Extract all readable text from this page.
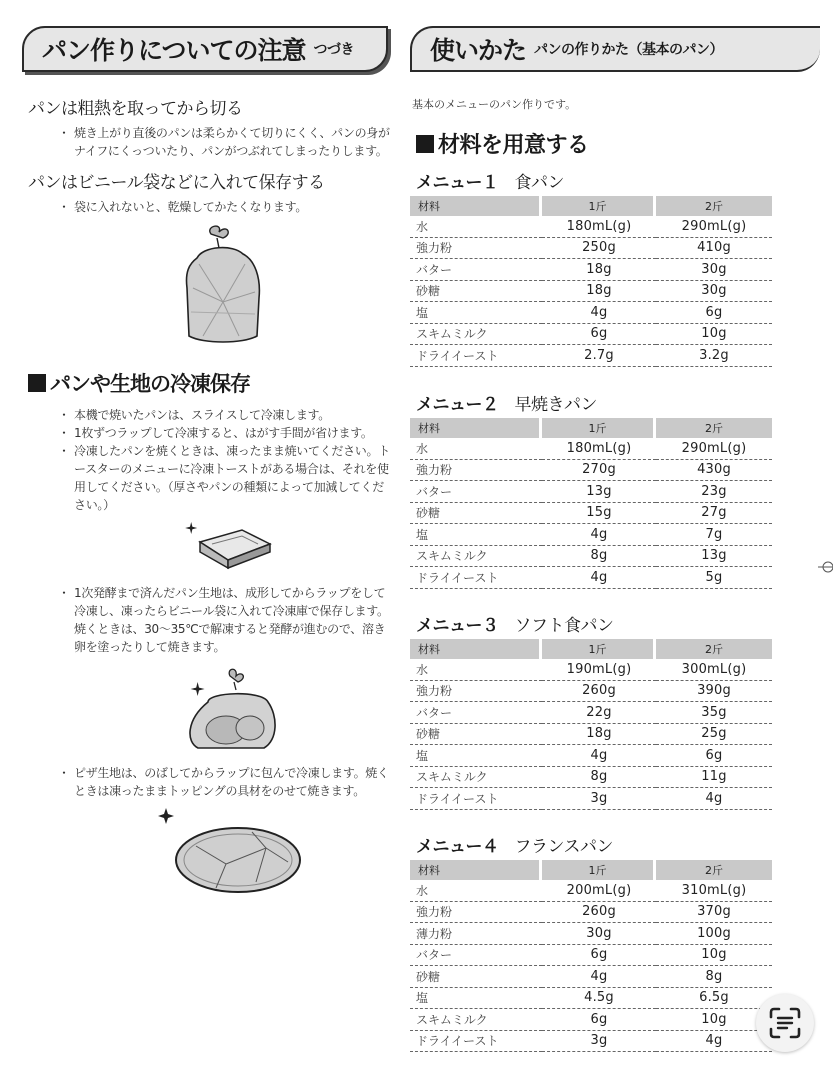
パン作りについての注意 つづき	使いかた パンの作りかた（基本のパン）
パンは粗熱を取ってから切る
・ 焼き上がり直後のパンは柔らかくて切りにくく、パンの身がナイフにくっついたり、パンがつぶれてしまったりします。
パンはビニール袋などに入れて保存する
・ 袋に入れないと、乾燥してかたくなります。
パンや生地の冷凍保存
・ 本機で焼いたパンは、スライスして冷凍します。
・ 1枚ずつラップして冷凍すると、はがす手間が省けます。
・ 冷凍したパンを焼くときは、凍ったまま焼いてください。トースターのメニューに冷凍トーストがある場合は、それを使用してください。（厚さやパンの種類によって加減してください。）
・ 1次発酵まで済んだパン生地は、成形してからラップをして冷凍し、凍ったらビニール袋に入れて冷凍庫で保存します。焼くときは、30～35℃で解凍すると発酵が進むので、溶き卵を塗ったりして焼きます。
・ ピザ生地は、のばしてからラップに包んで冷凍します。焼くときは凍ったままトッピングの具材をのせて焼きます。
基本のメニューのパン作りです。
材料を用意する
メニュー１ 食パン
材料	1斤	2斤
水	180mL(g)	290mL(g)
強力粉	250g	410g
バター	18g	30g
砂糖	18g	30g
塩	4g	6g
スキムミルク	6g	10g
ドライイースト	2.7g	3.2g
メニュー２ 早焼きパン
材料	1斤	2斤
水	180mL(g)	290mL(g)
強力粉	270g	430g
バター	13g	23g
砂糖	15g	27g
塩	4g	7g
スキムミルク	8g	13g
ドライイースト	4g	5g
メニュー３ ソフト食パン
材料	1斤	2斤
水	190mL(g)	300mL(g)
強力粉	260g	390g
バター	22g	35g
砂糖	18g	25g
塩	4g	6g
スキムミルク	8g	11g
ドライイースト	3g	4g
メニュー４ フランスパン
材料	1斤	2斤
水	200mL(g)	310mL(g)
強力粉	260g	370g
薄力粉	30g	100g
バター	6g	10g
砂糖	4g	8g
塩	4.5g	6.5g
スキムミルク	6g	10g
ドライイースト	3g	4g
